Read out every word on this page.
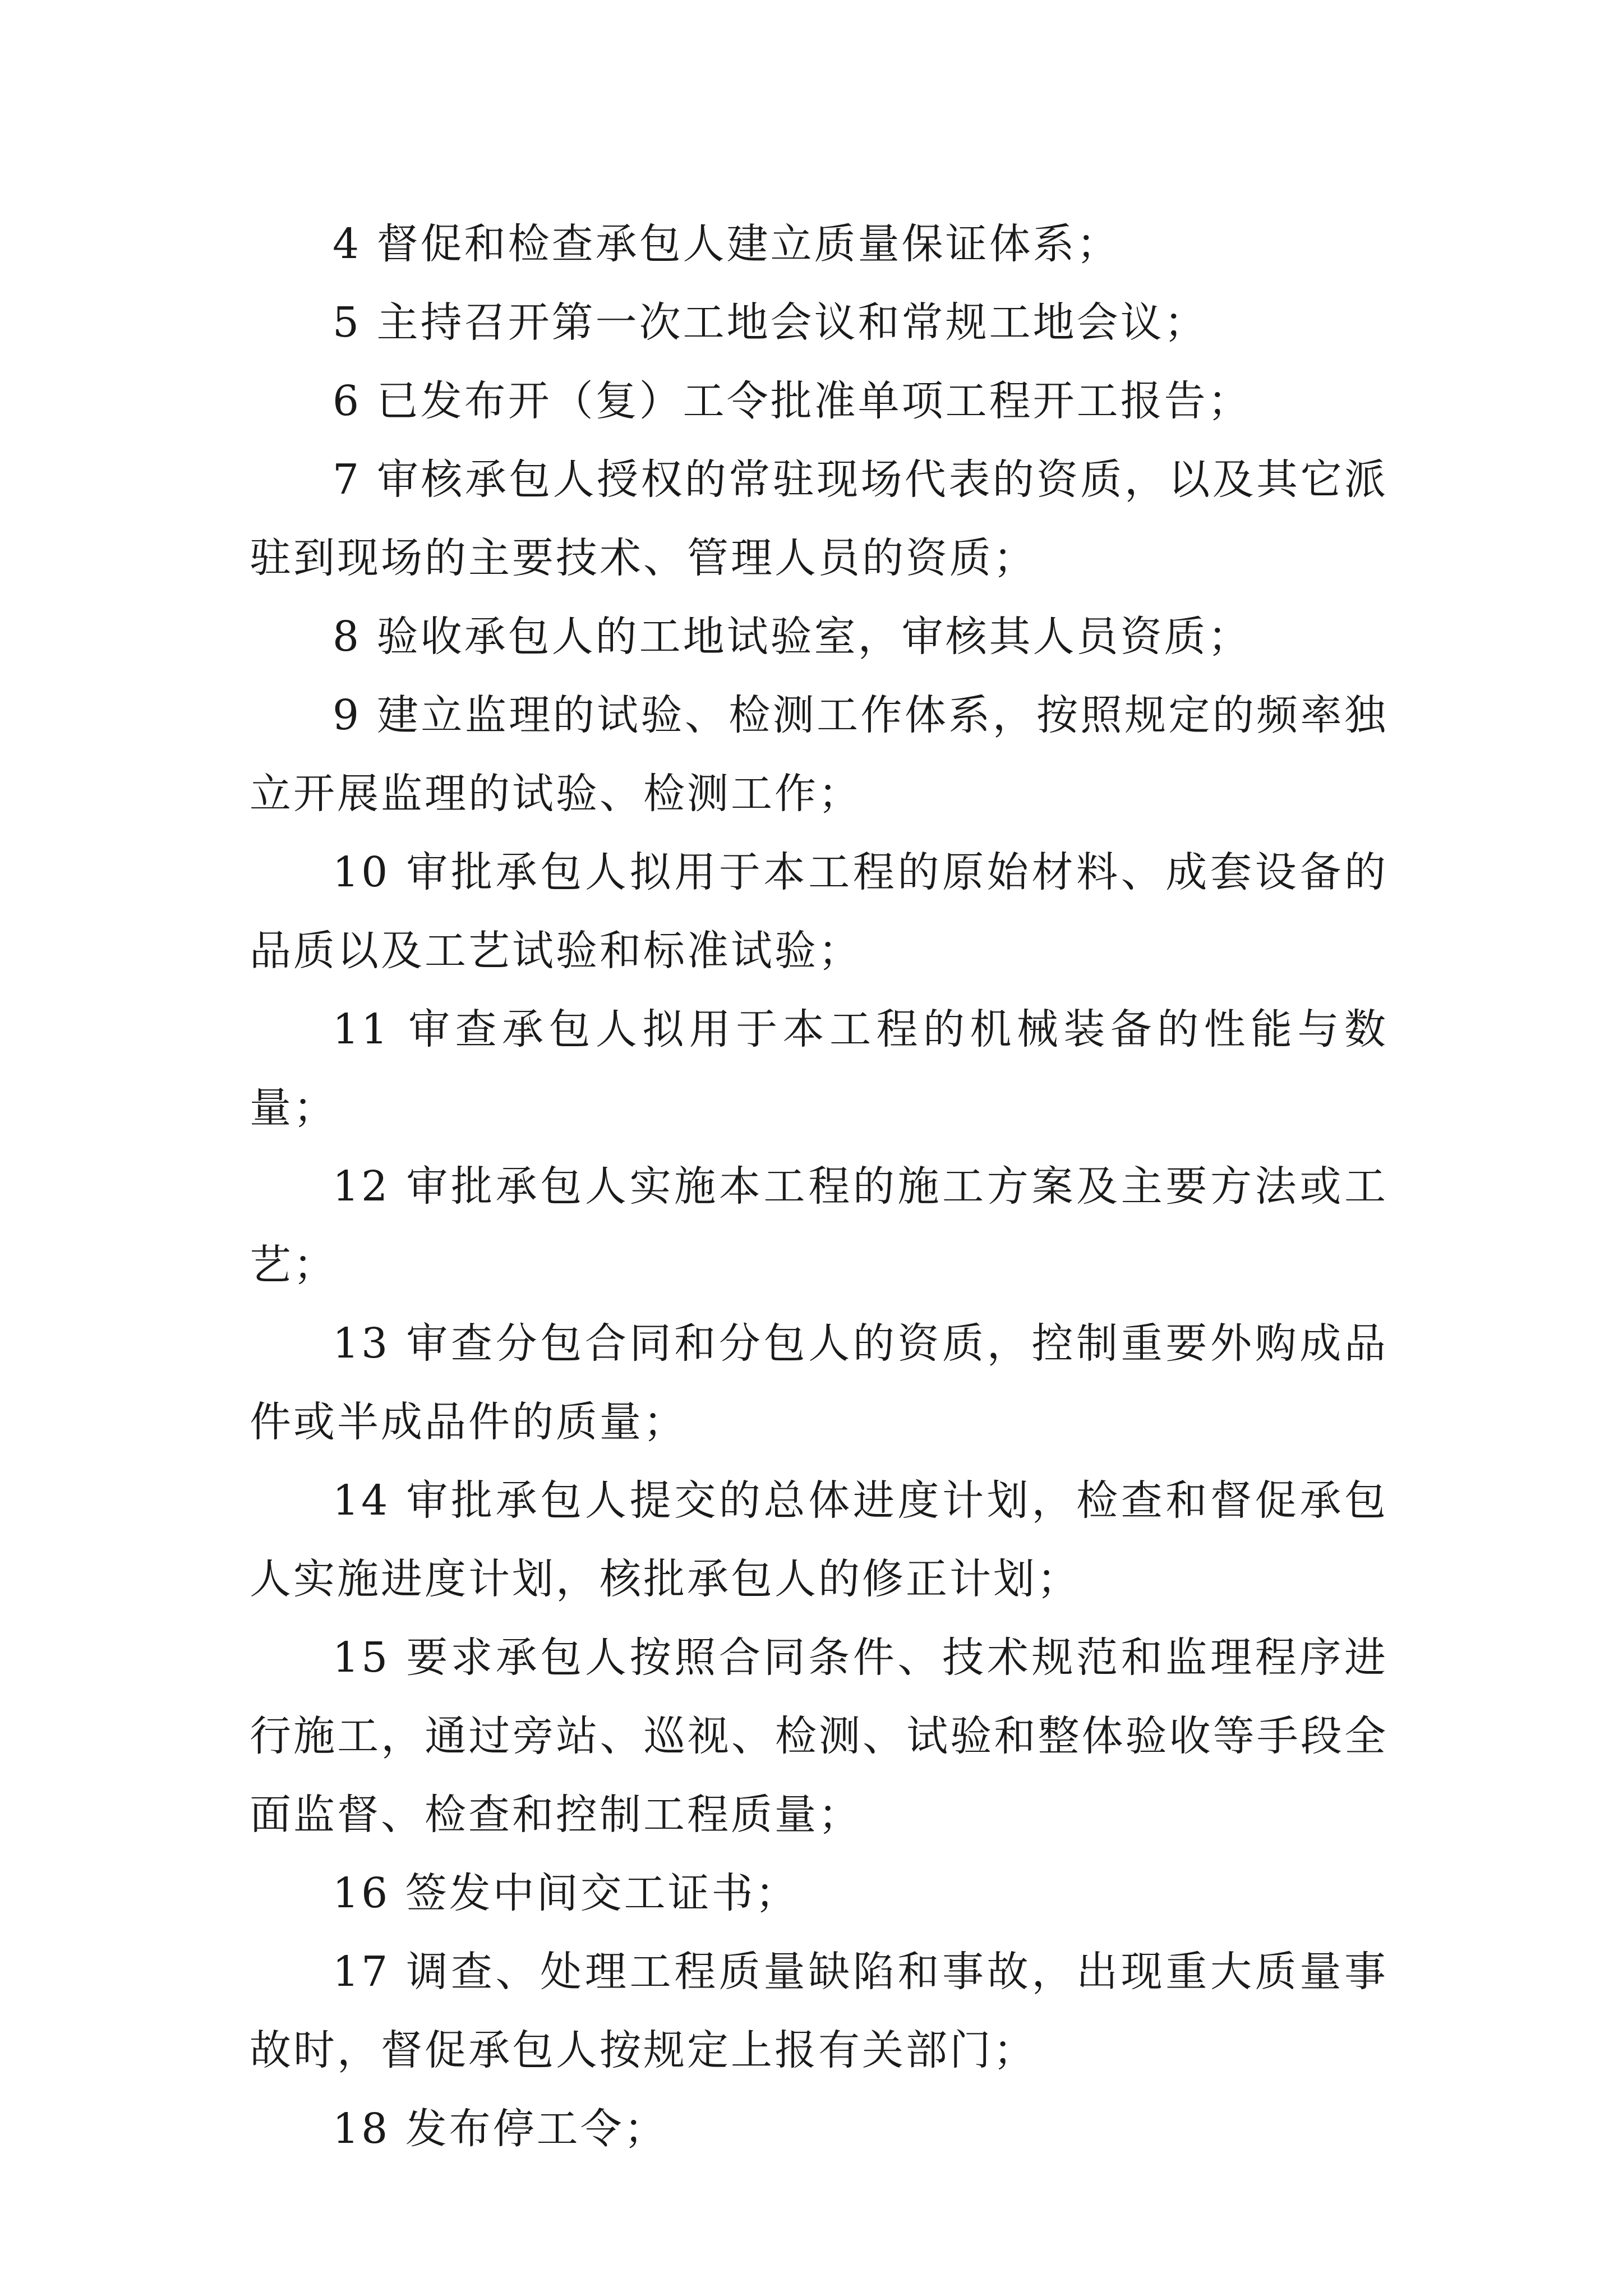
4 督促和检查承包人建立质量保证体系；

5 主持召开第一次工地会议和常规工地会议；

6 已发布开（复）工令批准单项工程开工报告；

7 审核承包人授权的常驻现场代表的资质，以及其它派驻到现场的主要技术、管理人员的资质；

8 验收承包人的工地试验室，审核其人员资质；

9 建立监理的试验、检测工作体系，按照规定的频率独立开展监理的试验、检测工作；

10 审批承包人拟用于本工程的原始材料、成套设备的品质以及工艺试验和标准试验；

11 审查承包人拟用于本工程的机械装备的性能与数量；

12 审批承包人实施本工程的施工方案及主要方法或工艺；

13 审查分包合同和分包人的资质，控制重要外购成品件或半成品件的质量；

14 审批承包人提交的总体进度计划，检查和督促承包人实施进度计划，核批承包人的修正计划；

15 要求承包人按照合同条件、技术规范和监理程序进行施工，通过旁站、巡视、检测、试验和整体验收等手段全面监督、检查和控制工程质量；

16 签发中间交工证书；

17 调查、处理工程质量缺陷和事故，出现重大质量事故时，督促承包人按规定上报有关部门；

18 发布停工令；
